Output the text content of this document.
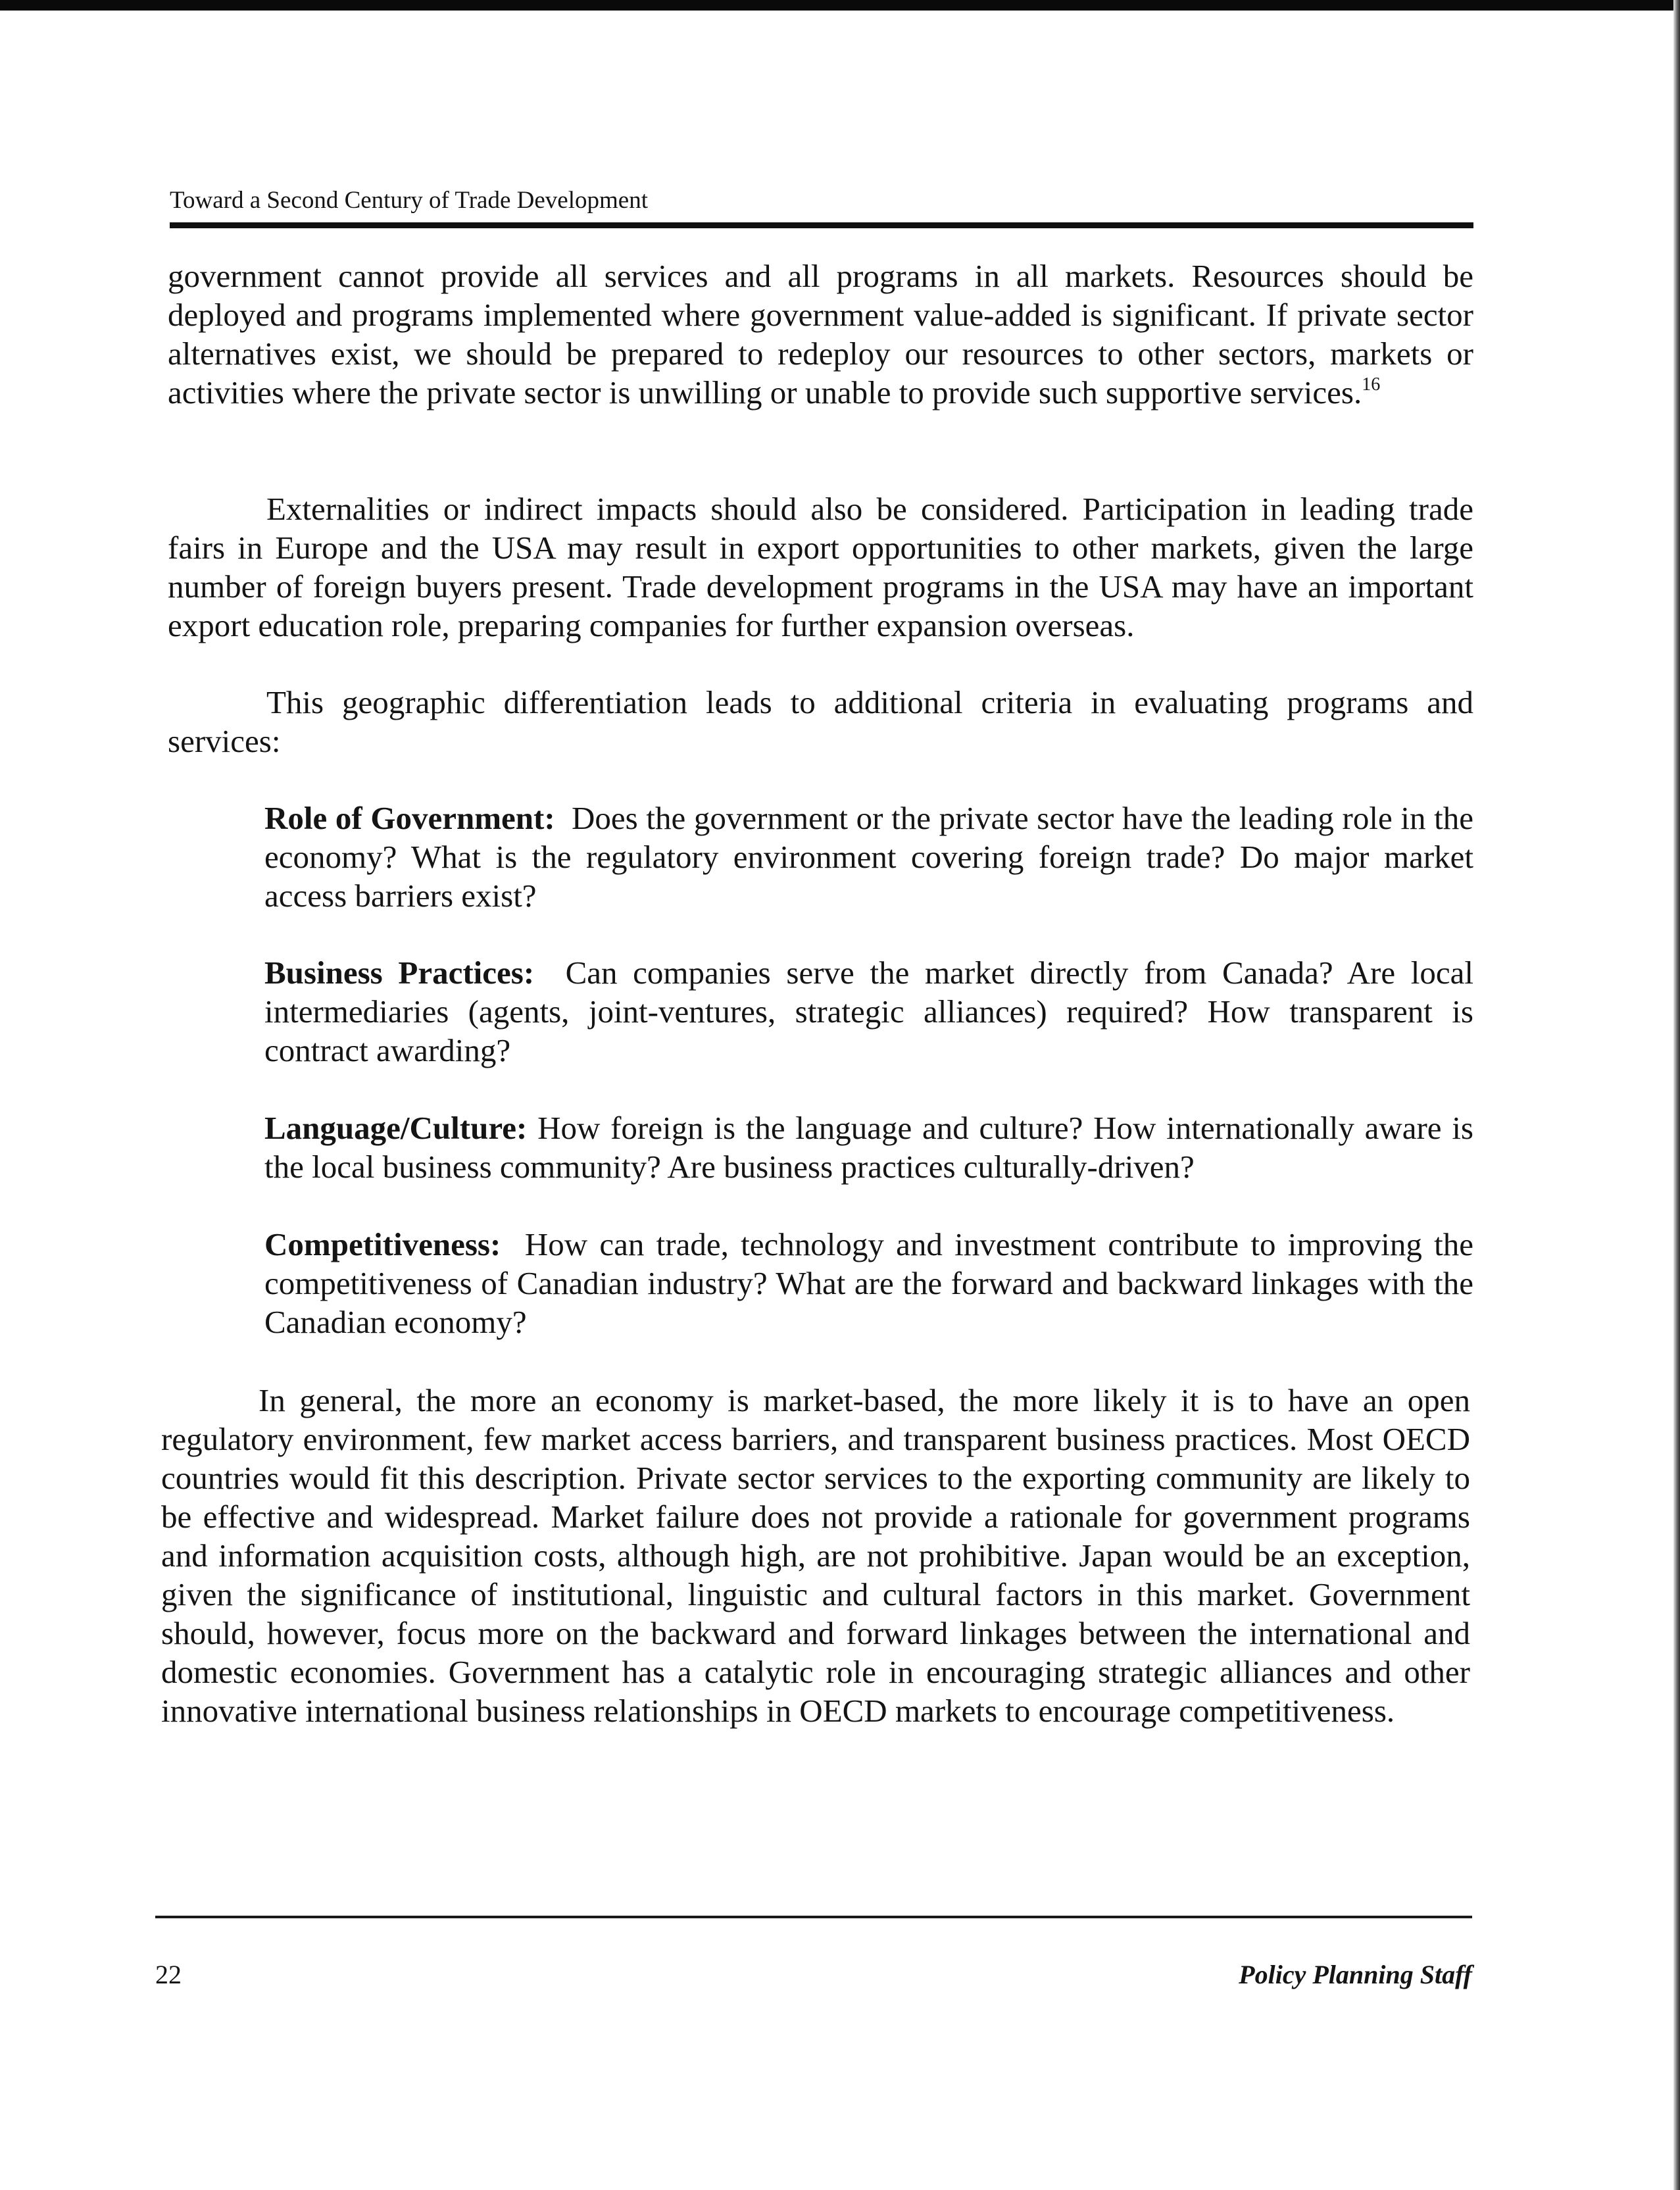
Toward a Second Century of Trade Development

government cannot provide all services and all programs in all markets. Resources should be deployed and programs implemented where government value-added is significant. If private sector alternatives exist, we should be prepared to redeploy our resources to other sectors, markets or activities where the private sector is unwilling or unable to provide such supportive services.$^{16}$

Externalities or indirect impacts should also be considered. Participation in leading trade fairs in Europe and the USA may result in export opportunities to other markets, given the large number of foreign buyers present. Trade development programs in the USA may have an important export education role, preparing companies for further expansion overseas.

This geographic differentiation leads to additional criteria in evaluating programs and services:

Role of Government: Does the government or the private sector have the leading role in the economy? What is the regulatory environment covering foreign trade? Do major market access barriers exist?

Business Practices: Can companies serve the market directly from Canada? Are local intermediaries (agents, joint-ventures, strategic alliances) required? How transparent is contract awarding?

Language/Culture: How foreign is the language and culture? How internationally aware is the local business community? Are business practices culturally-driven?

Competitiveness: How can trade, technology and investment contribute to improving the competitiveness of Canadian industry? What are the forward and backward linkages with the Canadian economy?

In general, the more an economy is market-based, the more likely it is to have an open regulatory environment, few market access barriers, and transparent business practices. Most OECD countries would fit this description. Private sector services to the exporting community are likely to be effective and widespread. Market failure does not provide a rationale for government programs and information acquisition costs, although high, are not prohibitive. Japan would be an exception, given the significance of institutional, linguistic and cultural factors in this market. Government should, however, focus more on the backward and forward linkages between the international and domestic economies. Government has a catalytic role in encouraging strategic alliances and other innovative international business relationships in OECD markets to encourage competitiveness.

22	Policy Planning Staff
